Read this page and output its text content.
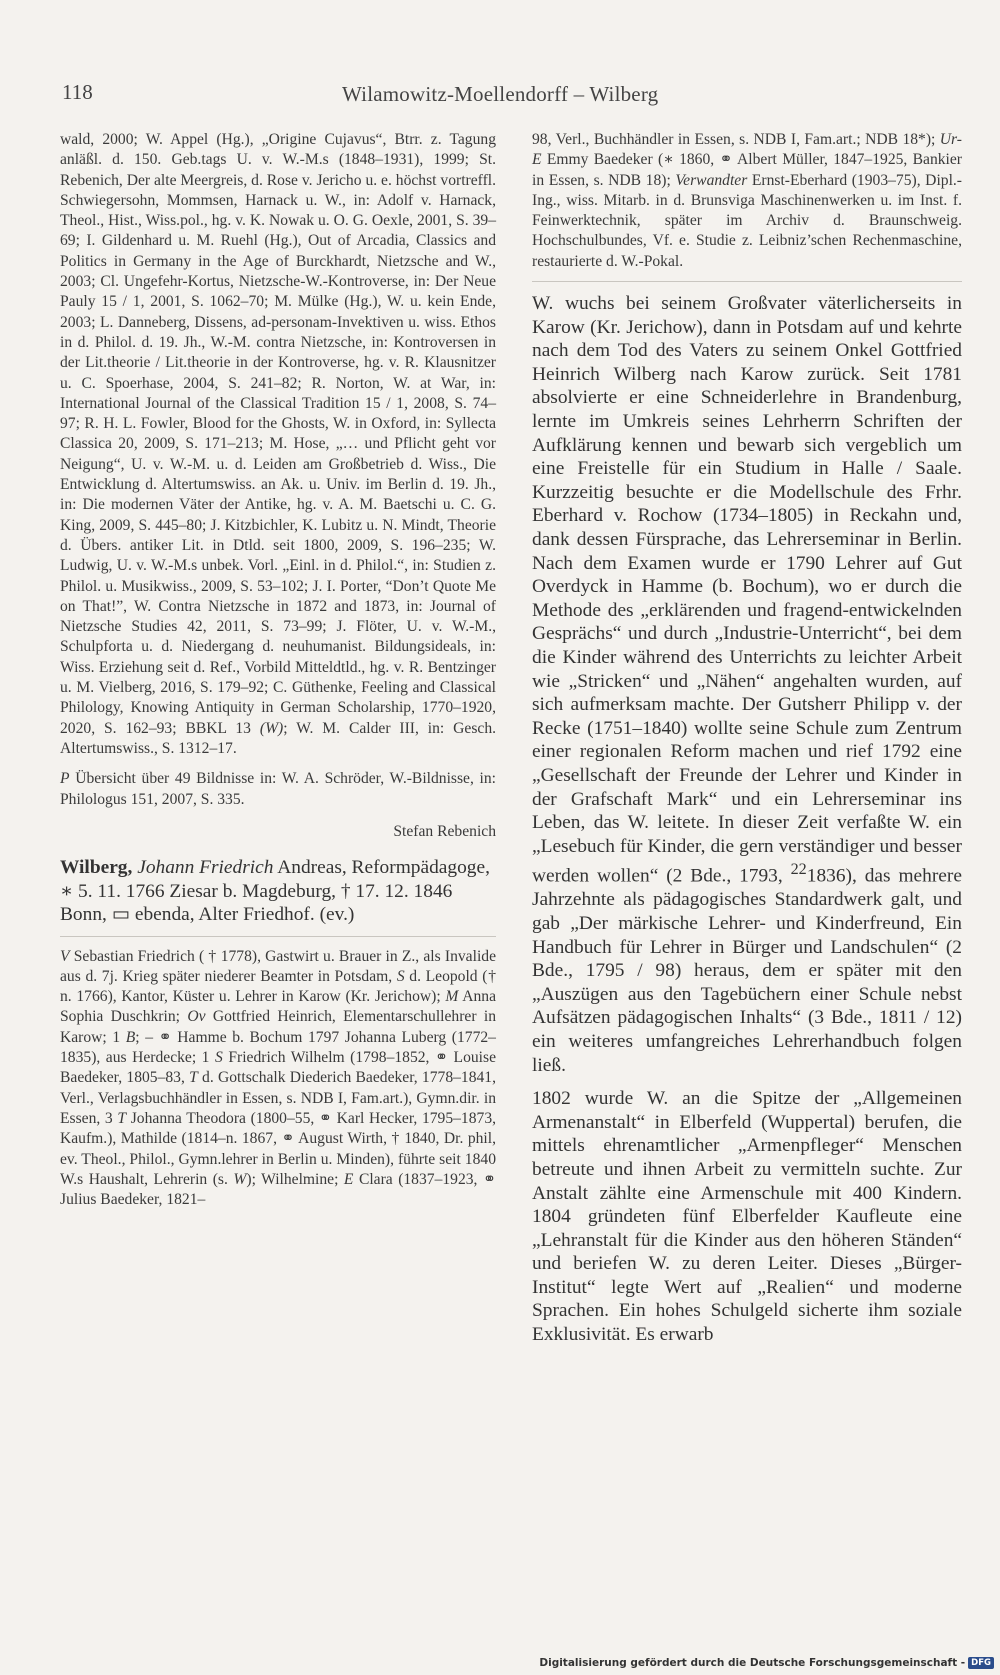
118	Wilamowitz-Moellendorff – Wilberg

wald, 2000; W. Appel (Hg.), „Origine Cujavus“, Btrr. z. Tagung anläßl. d. 150. Geb.tags U. v. W.-M.s (1848–1931), 1999; St. Rebenich, Der alte Meergreis, d. Rose v. Jericho u. e. höchst vortreffl. Schwiegersohn, Mommsen, Harnack u. W., in: Adolf v. Harnack, Theol., Hist., Wiss.pol., hg. v. K. Nowak u. O. G. Oexle, 2001, S. 39–69; I. Gildenhard u. M. Ruehl (Hg.), Out of Arcadia, Classics and Politics in Germany in the Age of Burckhardt, Nietzsche and W., 2003; Cl. Ungefehr-Kortus, Nietzsche-W.-Kontroverse, in: Der Neue Pauly 15 / 1, 2001, S. 1062–70; M. Mülke (Hg.), W. u. kein Ende, 2003; L. Danneberg, Dissens, ad-personam-Invektiven u. wiss. Ethos in d. Philol. d. 19. Jh., W.-M. contra Nietzsche, in: Kontroversen in der Lit.theorie / Lit.theorie in der Kontroverse, hg. v. R. Klausnitzer u. C. Spoerhase, 2004, S. 241–82; R. Norton, W. at War, in: International Journal of the Classical Tradition 15 / 1, 2008, S. 74–97; R. H. L. Fowler, Blood for the Ghosts, W. in Oxford, in: Syllecta Classica 20, 2009, S. 171–213; M. Hose, „… und Pflicht geht vor Neigung“, U. v. W.-M. u. d. Leiden am Großbetrieb d. Wiss., Die Entwicklung d. Altertumswiss. an Ak. u. Univ. im Berlin d. 19. Jh., in: Die modernen Väter der Antike, hg. v. A. M. Baetschi u. C. G. King, 2009, S. 445–80; J. Kitzbichler, K. Lubitz u. N. Mindt, Theorie d. Übers. antiker Lit. in Dtld. seit 1800, 2009, S. 196–235; W. Ludwig, U. v. W.-M.s unbek. Vorl. „Einl. in d. Philol.“, in: Studien z. Philol. u. Musikwiss., 2009, S. 53–102; J. I. Porter, “Don’t Quote Me on That!”, W. Contra Nietzsche in 1872 and 1873, in: Journal of Nietzsche Studies 42, 2011, S. 73–99; J. Flöter, U. v. W.-M., Schulpforta u. d. Niedergang d. neuhumanist. Bildungsideals, in: Wiss. Erziehung seit d. Ref., Vorbild Mitteldtld., hg. v. R. Bentzinger u. M. Vielberg, 2016, S. 179–92; C. Güthenke, Feeling and Classical Philology, Knowing Antiquity in German Scholarship, 1770–1920, 2020, S. 162–93; BBKL 13 (W); W. M. Calder III, in: Gesch. Altertumswiss., S. 1312–17.

P Übersicht über 49 Bildnisse in: W. A. Schröder, W.-Bildnisse, in: Philologus 151, 2007, S. 335.

Stefan Rebenich

Wilberg, Johann Friedrich Andreas, Reformpädagoge, ∗ 5. 11. 1766 Ziesar b. Magdeburg, † 17. 12. 1846 Bonn, ▭ ebenda, Alter Friedhof. (ev.)

V Sebastian Friedrich ( † 1778), Gastwirt u. Brauer in Z., als Invalide aus d. 7j. Krieg später niederer Beamter in Potsdam, S d. Leopold († n. 1766), Kantor, Küster u. Lehrer in Karow (Kr. Jerichow); M Anna Sophia Duschkrin; Ov Gottfried Heinrich, Elementarschullehrer in Karow; 1 B; – ⚭ Hamme b. Bochum 1797 Johanna Luberg (1772–1835), aus Herdecke; 1 S Friedrich Wilhelm (1798–1852, ⚭ Louise Baedeker, 1805–83, T d. Gottschalk Diederich Baedeker, 1778–1841, Verl., Verlagsbuchhändler in Essen, s. NDB I, Fam.art.), Gymn.dir. in Essen, 3 T Johanna Theodora (1800–55, ⚭ Karl Hecker, 1795–1873, Kaufm.), Mathilde (1814–n. 1867, ⚭ August Wirth, † 1840, Dr. phil, ev. Theol., Philol., Gymn.lehrer in Berlin u. Minden), führte seit 1840 W.s Haushalt, Lehrerin (s. W); Wilhelmine; E Clara (1837–1923, ⚭ Julius Baedeker, 1821–

98, Verl., Buchhändler in Essen, s. NDB I, Fam.art.; NDB 18*); Ur-E Emmy Baedeker (∗ 1860, ⚭ Albert Müller, 1847–1925, Bankier in Essen, s. NDB 18); Verwandter Ernst-Eberhard (1903–75), Dipl.-Ing., wiss. Mitarb. in d. Brunsviga Maschinenwerken u. im Inst. f. Feinwerktechnik, später im Archiv d. Braunschweig. Hochschulbundes, Vf. e. Studie z. Leibniz’schen Rechenmaschine, restaurierte d. W.-Pokal.

W. wuchs bei seinem Großvater väterlicherseits in Karow (Kr. Jerichow), dann in Potsdam auf und kehrte nach dem Tod des Vaters zu seinem Onkel Gottfried Heinrich Wilberg nach Karow zurück. Seit 1781 absolvierte er eine Schneiderlehre in Brandenburg, lernte im Umkreis seines Lehrherrn Schriften der Aufklärung kennen und bewarb sich vergeblich um eine Freistelle für ein Studium in Halle / Saale. Kurzzeitig besuchte er die Modellschule des Frhr. Eberhard v. Rochow (1734–1805) in Reckahn und, dank dessen Fürsprache, das Lehrerseminar in Berlin. Nach dem Examen wurde er 1790 Lehrer auf Gut Overdyck in Hamme (b. Bochum), wo er durch die Methode des „erklärenden und fragend-entwickelnden Gesprächs“ und durch „Industrie-Unterricht“, bei dem die Kinder während des Unterrichts zu leichter Arbeit wie „Stricken“ und „Nähen“ angehalten wurden, auf sich aufmerksam machte. Der Gutsherr Philipp v. der Recke (1751–1840) wollte seine Schule zum Zentrum einer regionalen Reform machen und rief 1792 eine „Gesellschaft der Freunde der Lehrer und Kinder in der Grafschaft Mark“ und ein Lehrerseminar ins Leben, das W. leitete. In dieser Zeit verfaßte W. ein „Lesebuch für Kinder, die gern verständiger und besser werden wollen“ (2 Bde., 1793, $^{22}$1836), das mehrere Jahrzehnte als pädagogisches Standardwerk galt, und gab „Der märkische Lehrer- und Kinderfreund, Ein Handbuch für Lehrer in Bürger und Landschulen“ (2 Bde., 1795 / 98) heraus, dem er später mit den „Auszügen aus den Tagebüchern einer Schule nebst Aufsätzen pädagogischen Inhalts“ (3 Bde., 1811 / 12) ein weiteres umfangreiches Lehrerhandbuch folgen ließ.

1802 wurde W. an die Spitze der „Allgemeinen Armenanstalt“ in Elberfeld (Wuppertal) berufen, die mittels ehrenamtlicher „Armenpfleger“ Menschen betreute und ihnen Arbeit zu vermitteln suchte. Zur Anstalt zählte eine Armenschule mit 400 Kindern. 1804 gründeten fünf Elberfelder Kaufleute eine „Lehranstalt für die Kinder aus den höheren Ständen“ und beriefen W. zu deren Leiter. Dieses „Bürger-Institut“ legte Wert auf „Realien“ und moderne Sprachen. Ein hohes Schulgeld sicherte ihm soziale Exklusivität. Es erwarb

Digitalisierung gefördert durch die Deutsche Forschungsgemeinschaft - DFG
